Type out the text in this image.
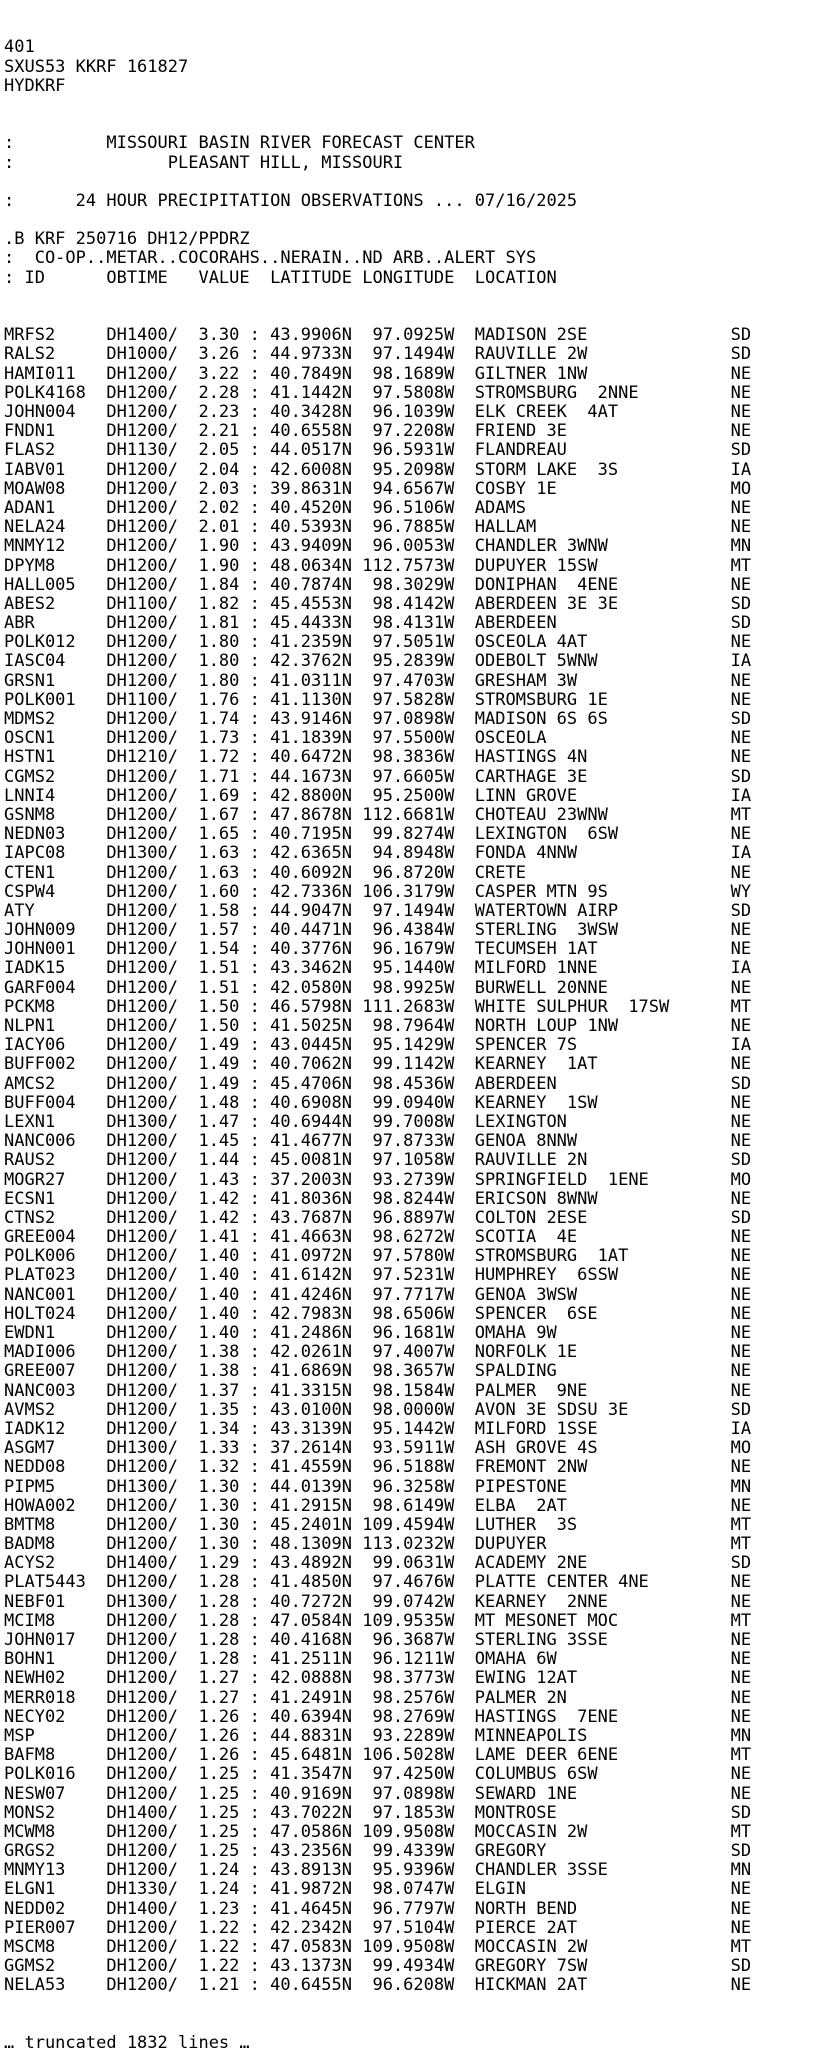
401
SXUS53 KKRF 161827
HYDKRF

:         MISSOURI BASIN RIVER FORECAST CENTER
:               PLEASANT HILL, MISSOURI

:      24 HOUR PRECIPITATION OBSERVATIONS ... 07/16/2025

.B KRF 250716 DH12/PPDRZ
:  CO-OP..METAR..COCORAHS..NERAIN..ND ARB..ALERT SYS
: ID      OBTIME   VALUE  LATITUDE LONGITUDE  LOCATION

MRFS2     DH1400/  3.30 : 43.9906N  97.0925W  MADISON 2SE              SD
RALS2     DH1000/  3.26 : 44.9733N  97.1494W  RAUVILLE 2W              SD
HAMI011   DH1200/  3.22 : 40.7849N  98.1689W  GILTNER 1NW              NE
POLK4168  DH1200/  2.28 : 41.1442N  97.5808W  STROMSBURG  2NNE         NE
JOHN004   DH1200/  2.23 : 40.3428N  96.1039W  ELK CREEK  4AT           NE
FNDN1     DH1200/  2.21 : 40.6558N  97.2208W  FRIEND 3E                NE
FLAS2     DH1130/  2.05 : 44.0517N  96.5931W  FLANDREAU                SD
IABV01    DH1200/  2.04 : 42.6008N  95.2098W  STORM LAKE  3S           IA
MOAW08    DH1200/  2.03 : 39.8631N  94.6567W  COSBY 1E                 MO
ADAN1     DH1200/  2.02 : 40.4520N  96.5106W  ADAMS                    NE
NELA24    DH1200/  2.01 : 40.5393N  96.7885W  HALLAM                   NE
MNMY12    DH1200/  1.90 : 43.9409N  96.0053W  CHANDLER 3WNW            MN
DPYM8     DH1200/  1.90 : 48.0634N 112.7573W  DUPUYER 15SW             MT
HALL005   DH1200/  1.84 : 40.7874N  98.3029W  DONIPHAN  4ENE           NE
ABES2     DH1100/  1.82 : 45.4553N  98.4142W  ABERDEEN 3E 3E           SD
ABR       DH1200/  1.81 : 45.4433N  98.4131W  ABERDEEN                 SD
POLK012   DH1200/  1.80 : 41.2359N  97.5051W  OSCEOLA 4AT              NE
IASC04    DH1200/  1.80 : 42.3762N  95.2839W  ODEBOLT 5WNW             IA
GRSN1     DH1200/  1.80 : 41.0311N  97.4703W  GRESHAM 3W               NE
POLK001   DH1100/  1.76 : 41.1130N  97.5828W  STROMSBURG 1E            NE
MDMS2     DH1200/  1.74 : 43.9146N  97.0898W  MADISON 6S 6S            SD
OSCN1     DH1200/  1.73 : 41.1839N  97.5500W  OSCEOLA                  NE
HSTN1     DH1210/  1.72 : 40.6472N  98.3836W  HASTINGS 4N              NE
CGMS2     DH1200/  1.71 : 44.1673N  97.6605W  CARTHAGE 3E              SD
LNNI4     DH1200/  1.69 : 42.8800N  95.2500W  LINN GROVE               IA
GSNM8     DH1200/  1.67 : 47.8678N 112.6681W  CHOTEAU 23WNW            MT
NEDN03    DH1200/  1.65 : 40.7195N  99.8274W  LEXINGTON  6SW           NE
IAPC08    DH1300/  1.63 : 42.6365N  94.8948W  FONDA 4NNW               IA
CTEN1     DH1200/  1.63 : 40.6092N  96.8720W  CRETE                    NE
CSPW4     DH1200/  1.60 : 42.7336N 106.3179W  CASPER MTN 9S            WY
ATY       DH1200/  1.58 : 44.9047N  97.1494W  WATERTOWN AIRP           SD
JOHN009   DH1200/  1.57 : 40.4471N  96.4384W  STERLING  3WSW           NE
JOHN001   DH1200/  1.54 : 40.3776N  96.1679W  TECUMSEH 1AT             NE
IADK15    DH1200/  1.51 : 43.3462N  95.1440W  MILFORD 1NNE             IA
GARF004   DH1200/  1.51 : 42.0580N  98.9925W  BURWELL 20NNE            NE
PCKM8     DH1200/  1.50 : 46.5798N 111.2683W  WHITE SULPHUR  17SW      MT
NLPN1     DH1200/  1.50 : 41.5025N  98.7964W  NORTH LOUP 1NW           NE
IACY06    DH1200/  1.49 : 43.0445N  95.1429W  SPENCER 7S               IA
BUFF002   DH1200/  1.49 : 40.7062N  99.1142W  KEARNEY  1AT             NE
AMCS2     DH1200/  1.49 : 45.4706N  98.4536W  ABERDEEN                 SD
BUFF004   DH1200/  1.48 : 40.6908N  99.0940W  KEARNEY  1SW             NE
LEXN1     DH1300/  1.47 : 40.6944N  99.7008W  LEXINGTON                NE
NANC006   DH1200/  1.45 : 41.4677N  97.8733W  GENOA 8NNW               NE
RAUS2     DH1200/  1.44 : 45.0081N  97.1058W  RAUVILLE 2N              SD
MOGR27    DH1200/  1.43 : 37.2003N  93.2739W  SPRINGFIELD  1ENE        MO
ECSN1     DH1200/  1.42 : 41.8036N  98.8244W  ERICSON 8WNW             NE
CTNS2     DH1200/  1.42 : 43.7687N  96.8897W  COLTON 2ESE              SD
GREE004   DH1200/  1.41 : 41.4663N  98.6272W  SCOTIA  4E               NE
POLK006   DH1200/  1.40 : 41.0972N  97.5780W  STROMSBURG  1AT          NE
PLAT023   DH1200/  1.40 : 41.6142N  97.5231W  HUMPHREY  6SSW           NE
NANC001   DH1200/  1.40 : 41.4246N  97.7717W  GENOA 3WSW               NE
HOLT024   DH1200/  1.40 : 42.7983N  98.6506W  SPENCER  6SE             NE
EWDN1     DH1200/  1.40 : 41.2486N  96.1681W  OMAHA 9W                 NE
MADI006   DH1200/  1.38 : 42.0261N  97.4007W  NORFOLK 1E               NE
GREE007   DH1200/  1.38 : 41.6869N  98.3657W  SPALDING                 NE
NANC003   DH1200/  1.37 : 41.3315N  98.1584W  PALMER  9NE              NE
AVMS2     DH1200/  1.35 : 43.0100N  98.0000W  AVON 3E SDSU 3E          SD
IADK12    DH1200/  1.34 : 43.3139N  95.1442W  MILFORD 1SSE             IA
ASGM7     DH1300/  1.33 : 37.2614N  93.5911W  ASH GROVE 4S             MO
NEDD08    DH1200/  1.32 : 41.4559N  96.5188W  FREMONT 2NW              NE
PIPM5     DH1300/  1.30 : 44.0139N  96.3258W  PIPESTONE                MN
HOWA002   DH1200/  1.30 : 41.2915N  98.6149W  ELBA  2AT                NE
BMTM8     DH1200/  1.30 : 45.2401N 109.4594W  LUTHER  3S               MT
BADM8     DH1200/  1.30 : 48.1309N 113.0232W  DUPUYER                  MT
ACYS2     DH1400/  1.29 : 43.4892N  99.0631W  ACADEMY 2NE              SD
PLAT5443  DH1200/  1.28 : 41.4850N  97.4676W  PLATTE CENTER 4NE        NE
NEBF01    DH1300/  1.28 : 40.7272N  99.0742W  KEARNEY  2NNE            NE
MCIM8     DH1200/  1.28 : 47.0584N 109.9535W  MT MESONET MOC           MT
JOHN017   DH1200/  1.28 : 40.4168N  96.3687W  STERLING 3SSE            NE
BOHN1     DH1200/  1.28 : 41.2511N  96.1211W  OMAHA 6W                 NE
NEWH02    DH1200/  1.27 : 42.0888N  98.3773W  EWING 12AT               NE
MERR018   DH1200/  1.27 : 41.2491N  98.2576W  PALMER 2N                NE
NECY02    DH1200/  1.26 : 40.6394N  98.2769W  HASTINGS  7ENE           NE
MSP       DH1200/  1.26 : 44.8831N  93.2289W  MINNEAPOLIS              MN
BAFM8     DH1200/  1.26 : 45.6481N 106.5028W  LAME DEER 6ENE           MT
POLK016   DH1200/  1.25 : 41.3547N  97.4250W  COLUMBUS 6SW             NE
NESW07    DH1200/  1.25 : 40.9169N  97.0898W  SEWARD 1NE               NE
MONS2     DH1400/  1.25 : 43.7022N  97.1853W  MONTROSE                 SD
MCWM8     DH1200/  1.25 : 47.0586N 109.9508W  MOCCASIN 2W              MT
GRGS2     DH1200/  1.25 : 43.2356N  99.4339W  GREGORY                  SD
MNMY13    DH1200/  1.24 : 43.8913N  95.9396W  CHANDLER 3SSE            MN
ELGN1     DH1330/  1.24 : 41.9872N  98.0747W  ELGIN                    NE
NEDD02    DH1400/  1.23 : 41.4645N  96.7797W  NORTH BEND               NE
PIER007   DH1200/  1.22 : 42.2342N  97.5104W  PIERCE 2AT               NE
MSCM8     DH1200/  1.22 : 47.0583N 109.9508W  MOCCASIN 2W              MT
GGMS2     DH1200/  1.22 : 43.1373N  99.4934W  GREGORY 7SW              SD
NELA53    DH1200/  1.21 : 40.6455N  96.6208W  HICKMAN 2AT              NE

… truncated 1832 lines …
